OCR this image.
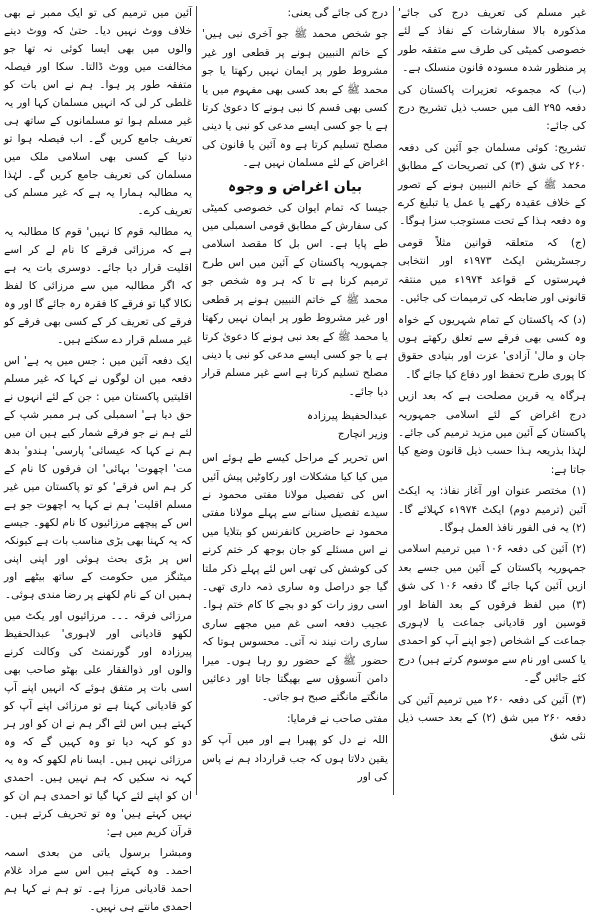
غیر مسلم کی تعریف درج کی جائے' مذکورہ بالا سفارشات کے نفاذ کے لئے خصوصی کمیٹی کی طرف سے متفقہ طور پر منظور شدہ مسودہ قانون منسلک ہے۔

(ب) کہ مجموعہ تعزیرات پاکستان کی دفعہ ۲۹۵ الف میں حسب ذیل تشریح درج کی جائے:

تشریح: کوئی مسلمان جو آئین کی دفعہ ۲۶۰ کی شق (۳) کی تصریحات کے مطابق محمد ﷺ کے خاتم النبیین ہونے کے تصور کے خلاف عقیدہ رکھے یا عمل یا تبلیغ کرے وہ دفعہ ہذا کے تحت مستوجب سزا ہوگا۔

(ج) کہ متعلقہ قوانین مثلاً قومی رجسٹریشن ایکٹ ۱۹۷۳ء اور انتخابی فہرستوں کے قواعد ۱۹۷۴ء میں منتقہ قانونی اور ضابطہ کی ترمیمات کی جائیں۔

(د) کہ پاکستان کے تمام شہریوں کے خواہ وہ کسی بھی فرقے سے تعلق رکھتے ہوں جان و مال' آزادی' عزت اور بنیادی حقوق کا پوری طرح تحفظ اور دفاع کیا جائے گا۔

ہرگاہ یہ قرین مصلحت ہے کہ بعد ازیں درج اغراض کے لئے اسلامی جمہوریہ پاکستان کے آئین میں مزید ترمیم کی جائے۔ لہٰذا بذریعہ ہذا حسب ذیل قانون وضع کیا جاتا ہے:

(۱) مختصر عنوان اور آغاز نفاذ: یہ ایکٹ آئین (ترمیم دوم) ایکٹ ۱۹۷۴ء کہلائے گا۔ (۲) یہ فی الفور نافذ العمل ہوگا۔

(۲) آئین کی دفعہ ۱۰۶ میں ترمیم اسلامی جمہوریہ پاکستان کے آئین میں جسے بعد ازیں آئین کہا جائے گا دفعہ ۱۰۶ کی شق (۳) میں لفظ فرقوں کے بعد الفاظ اور قوسین اور قادیانی جماعت یا لاہوری جماعت کے اشخاص (جو اپنے آپ کو احمدی یا کسی اور نام سے موسوم کرتے ہیں) درج کئے جائیں گے۔

(۳) آئین کی دفعہ ۲۶۰ میں ترمیم آئین کی دفعہ ۲۶۰ میں شق (۲) کے بعد حسب ذیل نئی شق

درج کی جائے گی یعنی:

جو شخص محمد ﷺ جو آخری نبی ہیں' کے خاتم النبیین ہونے پر قطعی اور غیر مشروط طور پر ایمان نہیں رکھتا یا جو محمد ﷺ کے بعد کسی بھی مفہوم میں یا کسی بھی قسم کا نبی ہونے کا دعویٰ کرتا ہے یا جو کسی ایسے مدعی کو نبی یا دینی مصلح تسلیم کرتا ہے وہ آئین یا قانون کی اغراض کے لئے مسلمان نہیں ہے۔

بیان اغراض و وجوہ

جیسا کہ تمام ایوان کی خصوصی کمیٹی کی سفارش کے مطابق قومی اسمبلی میں طے پایا ہے۔ اس بل کا مقصد اسلامی جمہوریہ پاکستان کے آئین میں اس طرح ترمیم کرنا ہے تا کہ ہر وہ شخص جو محمد ﷺ کے خاتم النبیین ہونے پر قطعی اور غیر مشروط طور پر ایمان نہیں رکھتا یا محمد ﷺ کے بعد نبی ہونے کا دعویٰ کرتا ہے یا جو کسی ایسے مدعی کو نبی یا دینی مصلح تسلیم کرتا ہے اسے غیر مسلم قرار دیا جائے۔

عبدالحفیظ پیرزادہ
وزیر انچارج

اس تحریر کے مراحل کیسے طے ہوئے اس میں کیا کیا مشکلات اور رکاوٹیں پیش آئیں اس کی تفصیل مولانا مفتی محمود نے سیدے تفصیل سنانے سے پہلے مولانا مفتی محمود نے حاضرین کانفرنس کو بتلایا میں نے اس مسئلے کو جان بوجھ کر ختم کرنے کی کوشش کی تھی اس لئے پہلے ذکر ملتا گیا جو دراصل وہ ساری ذمہ داری تھی۔ اسی روز رات کو دو بجے کا کام ختم ہوا۔ عجیب دفعہ اسی غم میں مجھے ساری ساری رات نیند نہ آتی۔ محسوس ہوتا کہ حضور ﷺ کے حضور رو رہا ہوں۔ میرا دامن آنسوؤں سے بھیگتا جاتا اور دعائیں مانگتے مانگتے صبح ہو جاتی۔

مفتی صاحب نے فرمایا:

اللہ نے دل کو پھیرا ہے اور میں آپ کو یقین دلاتا ہوں کہ جب قرارداد ہم نے پاس کی اور

آئین میں ترمیم کی تو ایک ممبر نے بھی خلاف ووٹ نہیں دیا۔ حتیٰ کہ ووٹ دینے والوں میں بھی ایسا کوئی نہ تھا جو مخالفت میں ووٹ ڈالتا۔ سکا اور فیصلہ متفقہ طور پر ہوا۔ ہم نے اس بات کو غلطی کر لی کہ انہیں مسلمان کہا اور یہ غیر مسلم ہوا تو مسلمانوں کے ساتھ ہی تعریف جامع کریں گے۔ اب فیصلہ ہوا تو دنیا کے کسی بھی اسلامی ملک میں مسلمان کی تعریف جامع کریں گے۔ لہٰذا یہ مطالبہ ہمارا یہ ہے کہ غیر مسلم کی تعریف کرے۔

یہ مطالبہ قوم کا نہیں' قوم کا مطالبہ یہ ہے کہ مرزائی فرقے کا نام لے کر اسے اقلیت قرار دیا جائے۔ دوسری بات یہ ہے کہ اگر مطالبہ میں سے مرزائی کا لفظ نکالا گیا تو فرقے کا فقرہ رہ جائے گا اور وہ فرقے کی تعریف کر کے کسی بھی فرقے کو غیر مسلم قرار دے سکتے ہیں۔

ایک دفعہ آئین میں : جس میں یہ ہے' اس دفعہ میں ان لوگوں نے کہا کہ غیر مسلم اقلیتیں پاکستان میں : جن کے لئے انہوں نے حق دیا ہے' اسمبلی کی ہر ممبر شپ کے لئے ہم نے جو فرقے شمار کیے ہیں ان میں ہم نے کہا کہ عیسائی' پارسی' ہندو' بدھ مت' اچھوت' بہائی' ان فرقوں کا نام کے کر ہم اس فرقے' کو تو پاکستان میں غیر مسلم اقلیت' ہم نے کہا یہ اچھوت جو ہے اس کے پیچھے مرزائیوں کا نام لکھو۔ جیسے کہ یہ کہنا بھی بڑی مناسب بات ہے کیونکہ اس پر بڑی بحث ہوئی اور اپنی اپنی میٹنگز میں حکومت کے ساتھ بیٹھے اور ہمیں ان کے نام لکھنے پر رضا مندی ہوئی۔

مرزائی فرقہ ۔۔۔ مرزائیوں اور یکٹ میں لکھو قادیانی اور لاہوری' عبدالحفیظ پیرزادہ اور گورنمنٹ کی وکالت کرنے والوں اور ذوالفقار علی بھٹو صاحب بھی اسی بات پر متفق ہوئے کہ انہیں اپنے آپ کو قادیانی کہنا ہے تو مرزائی اپنے آپ کو کہتے ہیں اس لئے اگر ہم نے ان کو اور ہر دو کو کہہ دیا تو وہ کہیں گے کہ وہ مرزائی نہیں ہیں۔ ایسا نام لکھو کہ وہ یہ کہہ نہ سکیں کہ ہم نہیں ہیں۔ احمدی ان کو اپنے لئے کہا گیا تو احمدی ہم ان کو نہیں کہتے ہیں' وہ تو تحریف کرتے ہیں۔ قرآن کریم میں ہے:

ومبشرا برسول یاتی من بعدی اسمہ احمد۔ وہ کہتے ہیں اس سے مراد غلام احمد قادیانی مرزا ہے۔ تو ہم نے کہا ہم احمدی مانتے ہی نہیں۔
